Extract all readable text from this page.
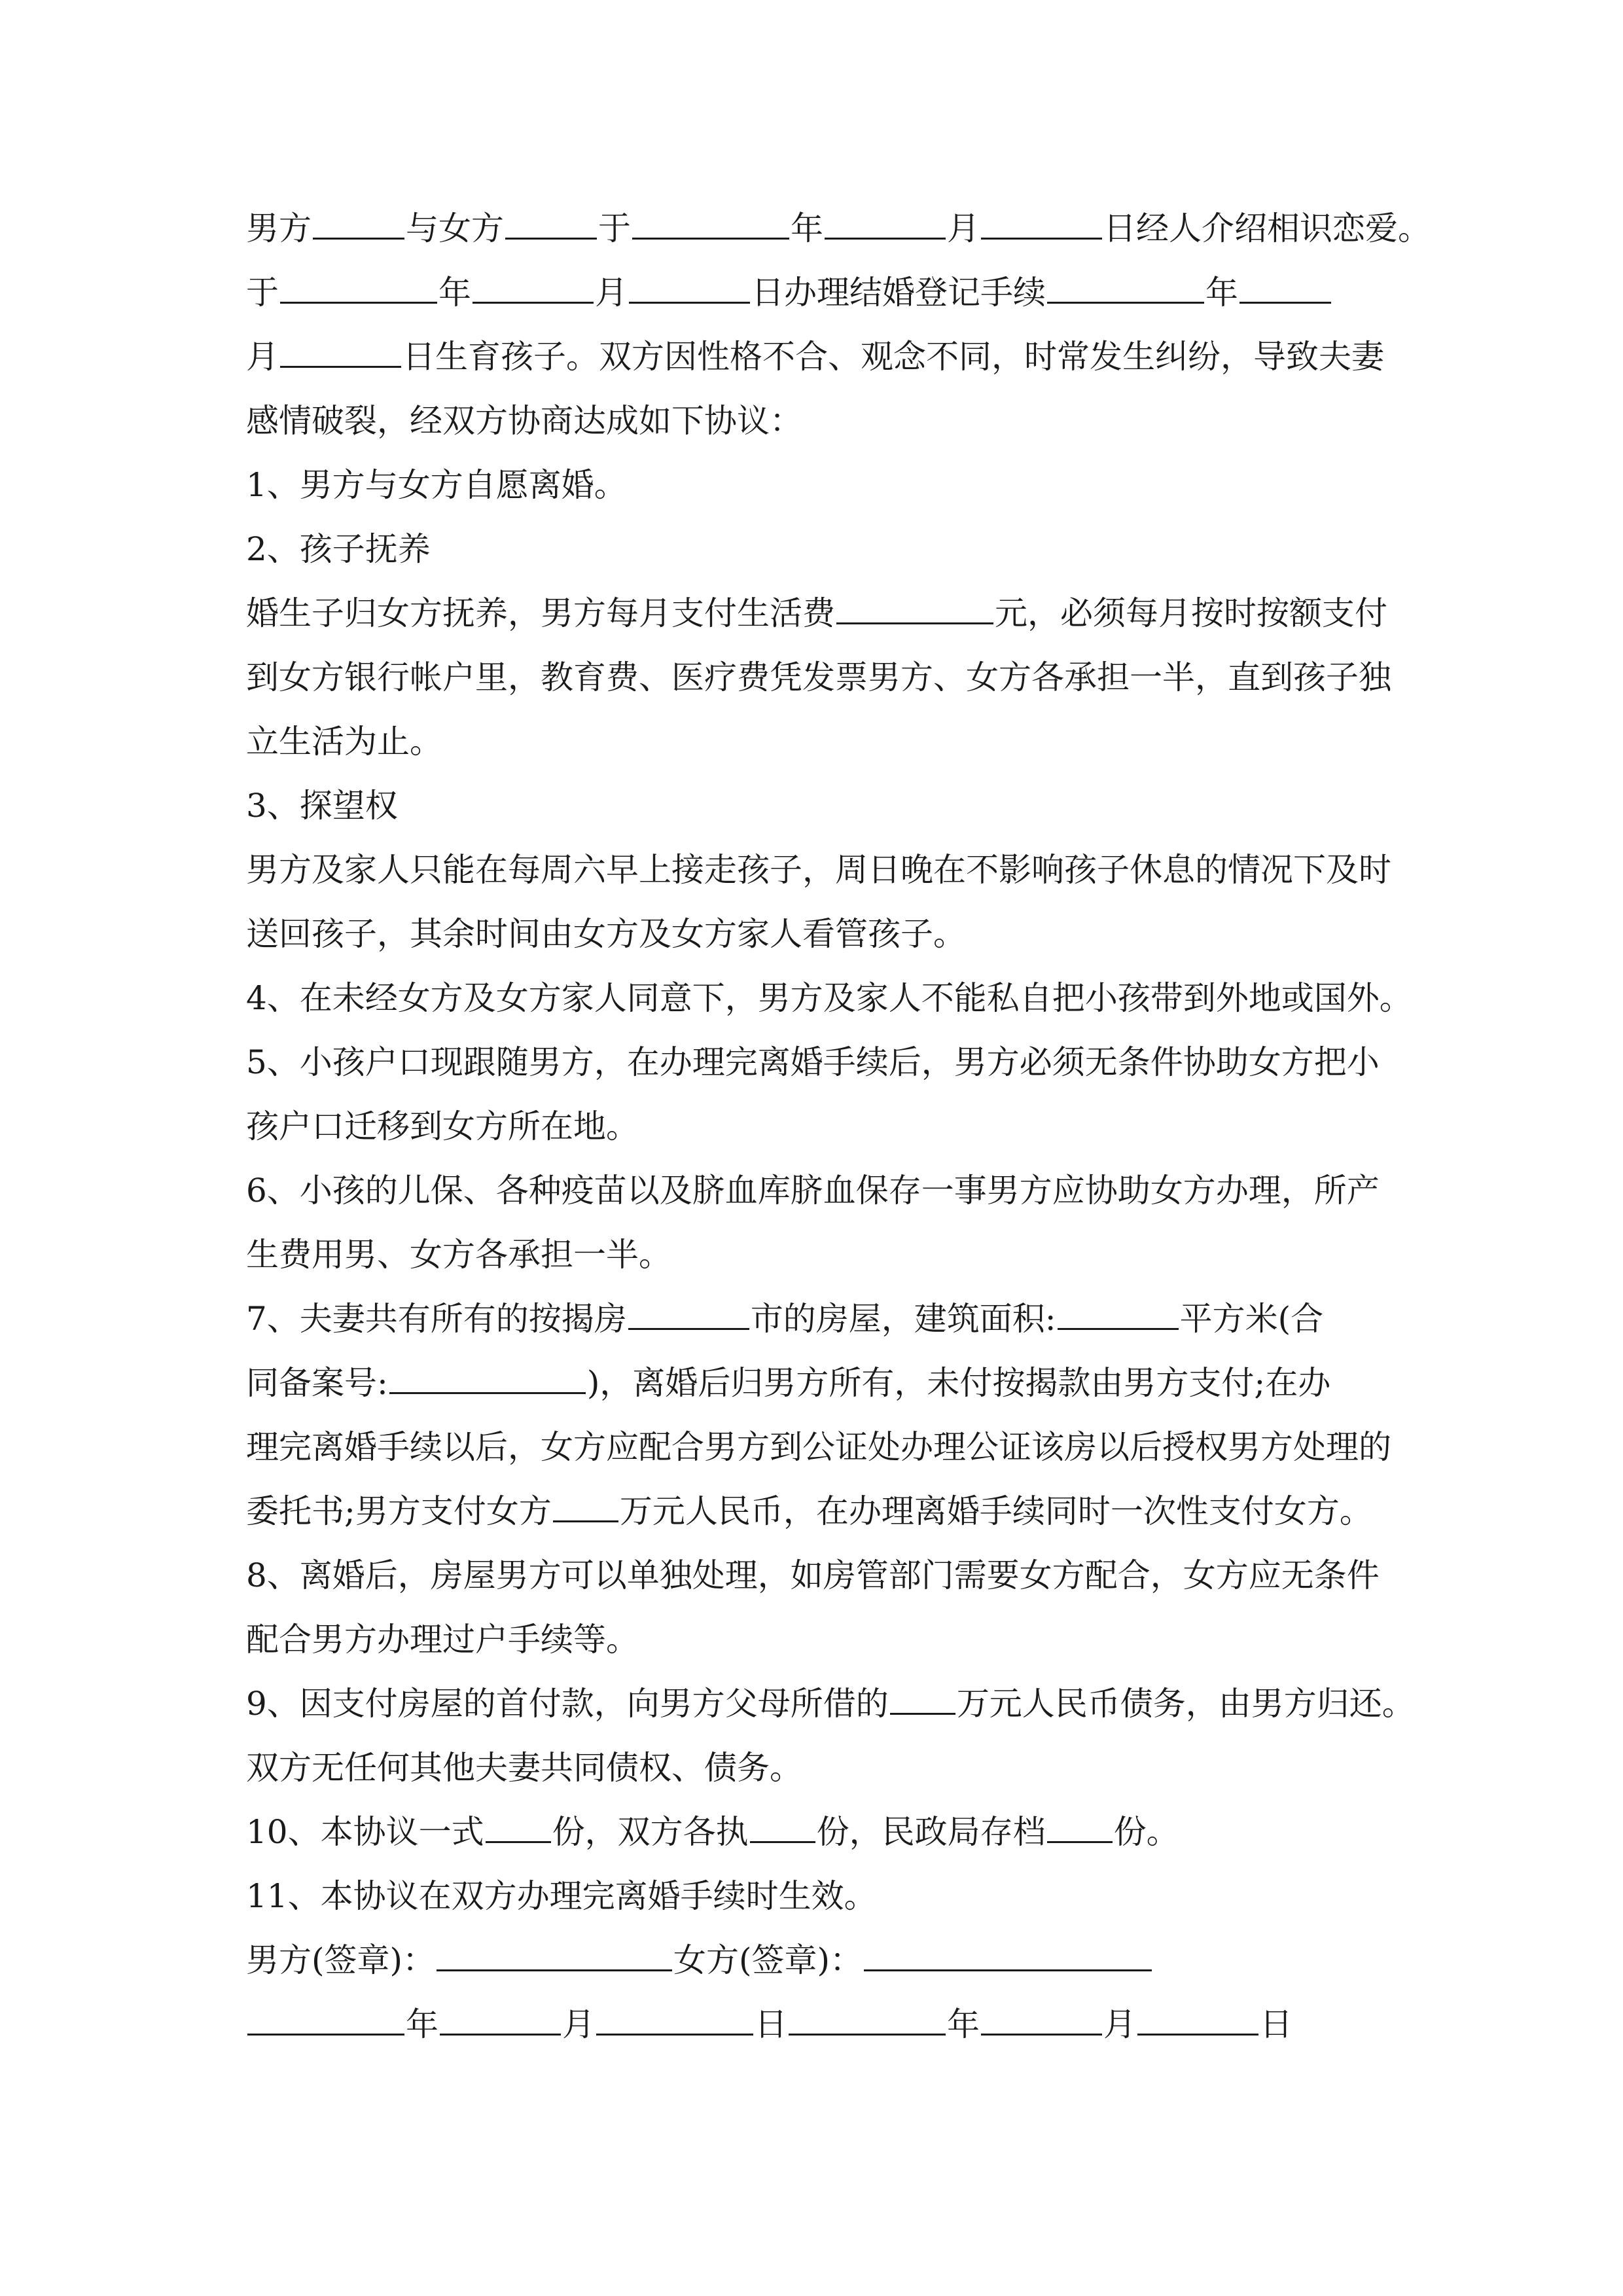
男方	与女方	于	年	月	日经人介绍相识恋爱。
于	年	月	日办理结婚登记手续	年
月	日生育孩子。双方因性格不合、观念不同，时常发生纠纷，导致夫妻
感情破裂，经双方协商达成如下协议：
1、男方与女方自愿离婚。
2、孩子抚养
婚生子归女方抚养，男方每月支付生活费	元，必须每月按时按额支付
到女方银行帐户里，教育费、医疗费凭发票男方、女方各承担一半，直到孩子独
立生活为止。
3、探望权
男方及家人只能在每周六早上接走孩子，周日晚在不影响孩子休息的情况下及时
送回孩子，其余时间由女方及女方家人看管孩子。
4、在未经女方及女方家人同意下，男方及家人不能私自把小孩带到外地或国外。
5、小孩户口现跟随男方，在办理完离婚手续后，男方必须无条件协助女方把小
孩户口迁移到女方所在地。
6、小孩的儿保、各种疫苗以及脐血库脐血保存一事男方应协助女方办理，所产
生费用男、女方各承担一半。
7、夫妻共有所有的按揭房	市的房屋，建筑面积:	平方米(合
同备案号:	)，离婚后归男方所有，未付按揭款由男方支付;在办
理完离婚手续以后，女方应配合男方到公证处办理公证该房以后授权男方处理的
委托书;男方支付女方 万元人民币，在办理离婚手续同时一次性支付女方。
8、离婚后，房屋男方可以单独处理，如房管部门需要女方配合，女方应无条件
配合男方办理过户手续等。
9、因支付房屋的首付款，向男方父母所借的 万元人民币债务，由男方归还。
双方无任何其他夫妻共同债权、债务。
10、本协议一式 份，双方各执 份，民政局存档 份。
11、本协议在双方办理完离婚手续时生效。
男方(签章)：	女方(签章)：
年	月	日	年	月	日
